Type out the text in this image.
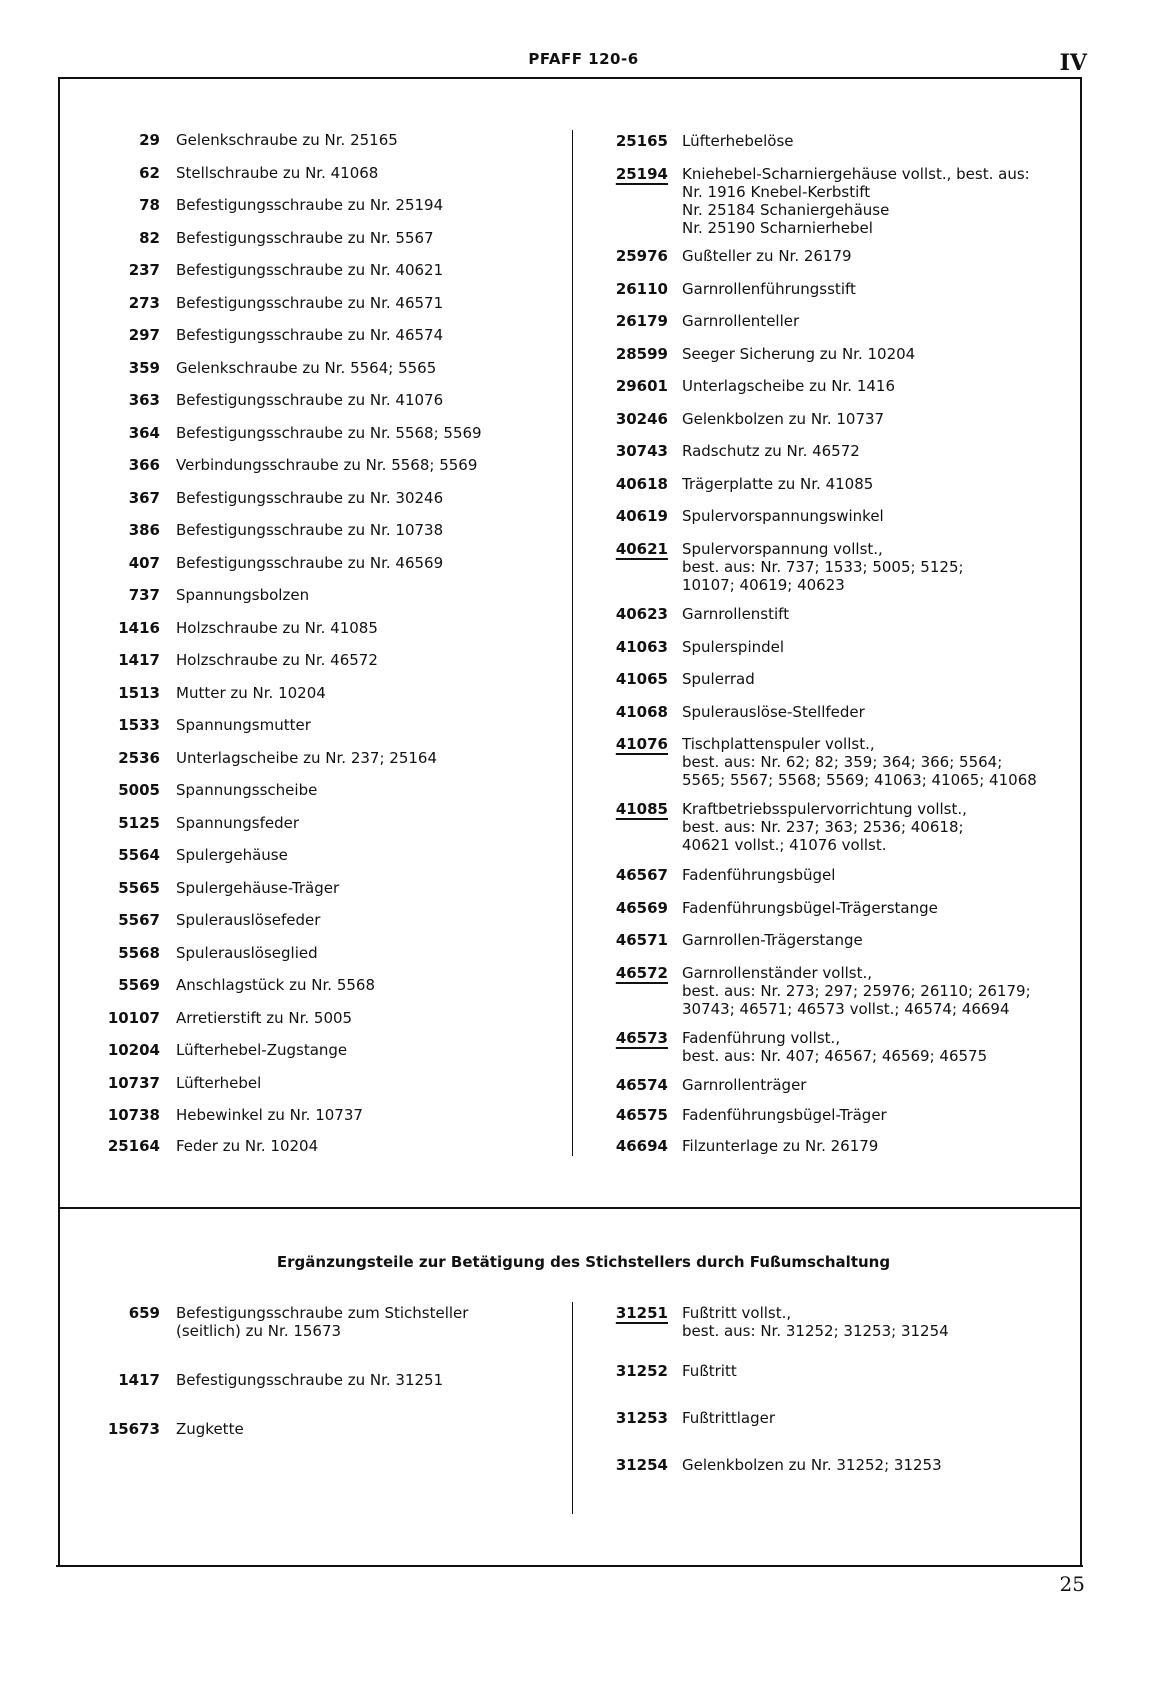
PFAFF 120-6	IV
29 Gelenkschraube zu Nr. 25165
62 Stellschraube zu Nr. 41068
78 Befestigungsschraube zu Nr. 25194
82 Befestigungsschraube zu Nr. 5567
237 Befestigungsschraube zu Nr. 40621
273 Befestigungsschraube zu Nr. 46571
297 Befestigungsschraube zu Nr. 46574
359 Gelenkschraube zu Nr. 5564; 5565
363 Befestigungsschraube zu Nr. 41076
364 Befestigungsschraube zu Nr. 5568; 5569
366 Verbindungsschraube zu Nr. 5568; 5569
367 Befestigungsschraube zu Nr. 30246
386 Befestigungsschraube zu Nr. 10738
407 Befestigungsschraube zu Nr. 46569
737 Spannungsbolzen
1416 Holzschraube zu Nr. 41085
1417 Holzschraube zu Nr. 46572
1513 Mutter zu Nr. 10204
1533 Spannungsmutter
2536 Unterlagscheibe zu Nr. 237; 25164
5005 Spannungsscheibe
5125 Spannungsfeder
5564 Spulergehäuse
5565 Spulergehäuse-Träger
5567 Spulerauslösefeder
5568 Spulerauslöseglied
5569 Anschlagstück zu Nr. 5568
10107 Arretierstift zu Nr. 5005
10204 Lüfterhebel-Zugstange
10737 Lüfterhebel
10738 Hebewinkel zu Nr. 10737
25164 Feder zu Nr. 10204
25165 Lüfterhebelöse
25194 Kniehebel-Scharniergehäuse vollst., best. aus:
Nr. 1916 Knebel-Kerbstift
Nr. 25184 Schaniergehäuse
Nr. 25190 Scharnierhebel
25976 Gußteller zu Nr. 26179
26110 Garnrollenführungsstift
26179 Garnrollenteller
28599 Seeger Sicherung zu Nr. 10204
29601 Unterlagscheibe zu Nr. 1416
30246 Gelenkbolzen zu Nr. 10737
30743 Radschutz zu Nr. 46572
40618 Trägerplatte zu Nr. 41085
40619 Spulervorspannungswinkel
40621 Spulervorspannung vollst.,
best. aus: Nr. 737; 1533; 5005; 5125;
10107; 40619; 40623
40623 Garnrollenstift
41063 Spulerspindel
41065 Spulerrad
41068 Spulerauslöse-Stellfeder
41076 Tischplattenspuler vollst.,
best. aus: Nr. 62; 82; 359; 364; 366; 5564;
5565; 5567; 5568; 5569; 41063; 41065; 41068
41085 Kraftbetriebsspulervorrichtung vollst.,
best. aus: Nr. 237; 363; 2536; 40618;
40621 vollst.; 41076 vollst.
46567 Fadenführungsbügel
46569 Fadenführungsbügel-Trägerstange
46571 Garnrollen-Trägerstange
46572 Garnrollenständer vollst.,
best. aus: Nr. 273; 297; 25976; 26110; 26179;
30743; 46571; 46573 vollst.; 46574; 46694
46573 Fadenführung vollst.,
best. aus: Nr. 407; 46567; 46569; 46575
46574 Garnrollenträger
46575 Fadenführungsbügel-Träger
46694 Filzunterlage zu Nr. 26179
Ergänzungsteile zur Betätigung des Stichstellers durch Fußumschaltung
659 Befestigungsschraube zum Stichsteller
(seitlich) zu Nr. 15673
1417 Befestigungsschraube zu Nr. 31251
15673 Zugkette
31251 Fußtritt vollst.,
best. aus: Nr. 31252; 31253; 31254
31252 Fußtritt
31253 Fußtrittlager
31254 Gelenkbolzen zu Nr. 31252; 31253
25
